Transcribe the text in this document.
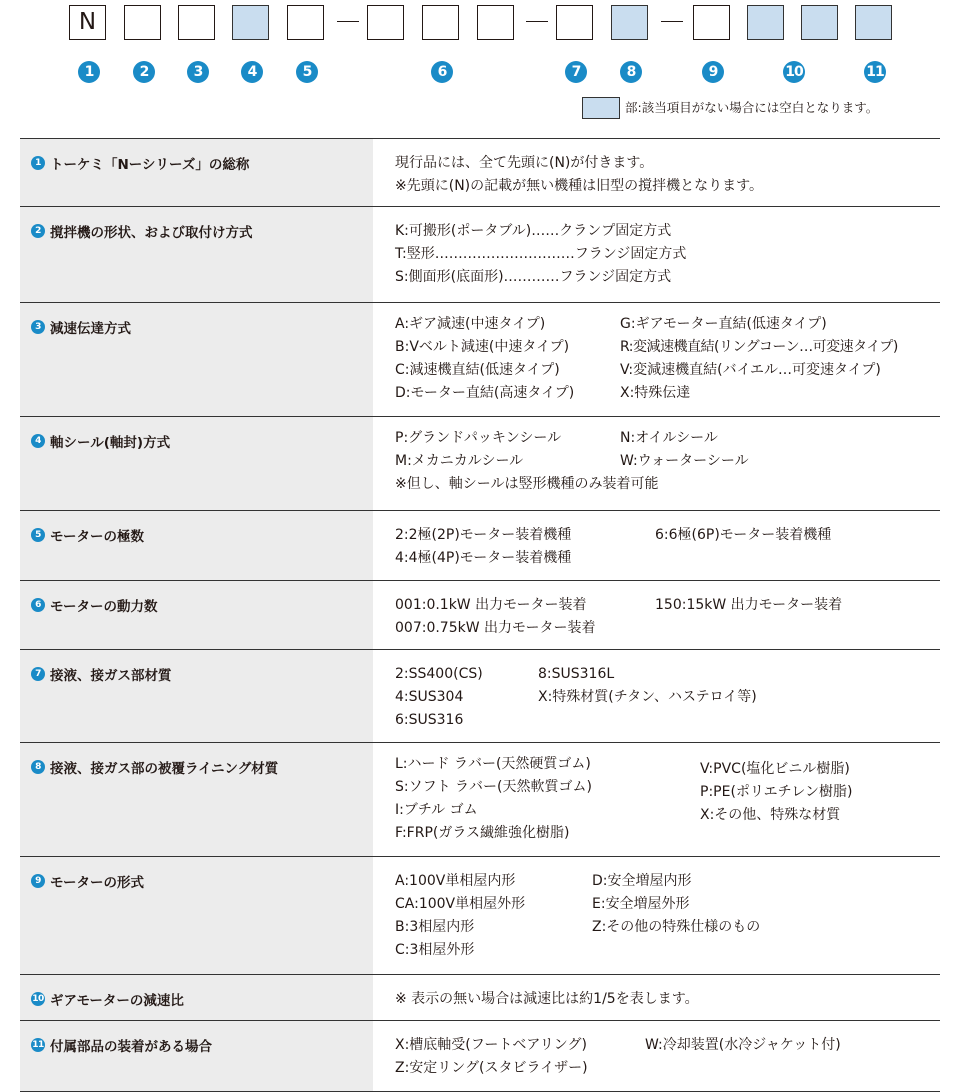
N
1	2	3	4	5	6	7	8	9	10	11
部:該当項目がない場合には空白となります。
1 トーケミ「Nーシリーズ」の総称	現行品には、全て先頭に(N)が付きます。
※先頭に(N)の記載が無い機種は旧型の撹拌機となります。
2 撹拌機の形状、および取付け方式	K:可搬形(ポータブル)……クランプ固定方式
T:竪形…………………………フランジ固定方式
S:側面形(底面形)…………フランジ固定方式
3 減速伝達方式	A:ギア減速(中速タイプ)
B:Vベルト減速(中速タイプ)
C:減速機直結(低速タイプ)
D:モーター直結(高速タイプ)
G:ギアモーター直結(低速タイプ)
R:変減速機直結(リングコーン…可変速タイプ)
V:変減速機直結(バイエル…可変速タイプ)
X:特殊伝達
4 軸シール(軸封)方式	P:グランドパッキンシール
M:メカニカルシール
N:オイルシール
W:ウォーターシール
※但し、軸シールは竪形機種のみ装着可能
5 モーターの極数	2:2極(2P)モーター装着機種
4:4極(4P)モーター装着機種
6:6極(6P)モーター装着機種
6 モーターの動力数	001:0.1kW 出力モーター装着
007:0.75kW 出力モーター装着
150:15kW 出力モーター装着
7 接液、接ガス部材質	2:SS400(CS)
4:SUS304
6:SUS316
8:SUS316L
X:特殊材質(チタン、ハステロイ等)
8 接液、接ガス部の被覆ライニング材質	L:ハード ラバー(天然硬質ゴム)
S:ソフト ラバー(天然軟質ゴム)
I:ブチル ゴム
F:FRP(ガラス繊維強化樹脂)
V:PVC(塩化ビニル樹脂)
P:PE(ポリエチレン樹脂)
X:その他、特殊な材質
9 モーターの形式	A:100V単相屋内形
CA:100V単相屋外形
B:3相屋内形
C:3相屋外形
D:安全増屋内形
E:安全増屋外形
Z:その他の特殊仕様のもの
10 ギアモーターの減速比	※ 表示の無い場合は減速比は約1/5を表します。
11 付属部品の装着がある場合	X:槽底軸受(フートベアリング)
Z:安定リング(スタビライザー)
W:冷却装置(水冷ジャケット付)
